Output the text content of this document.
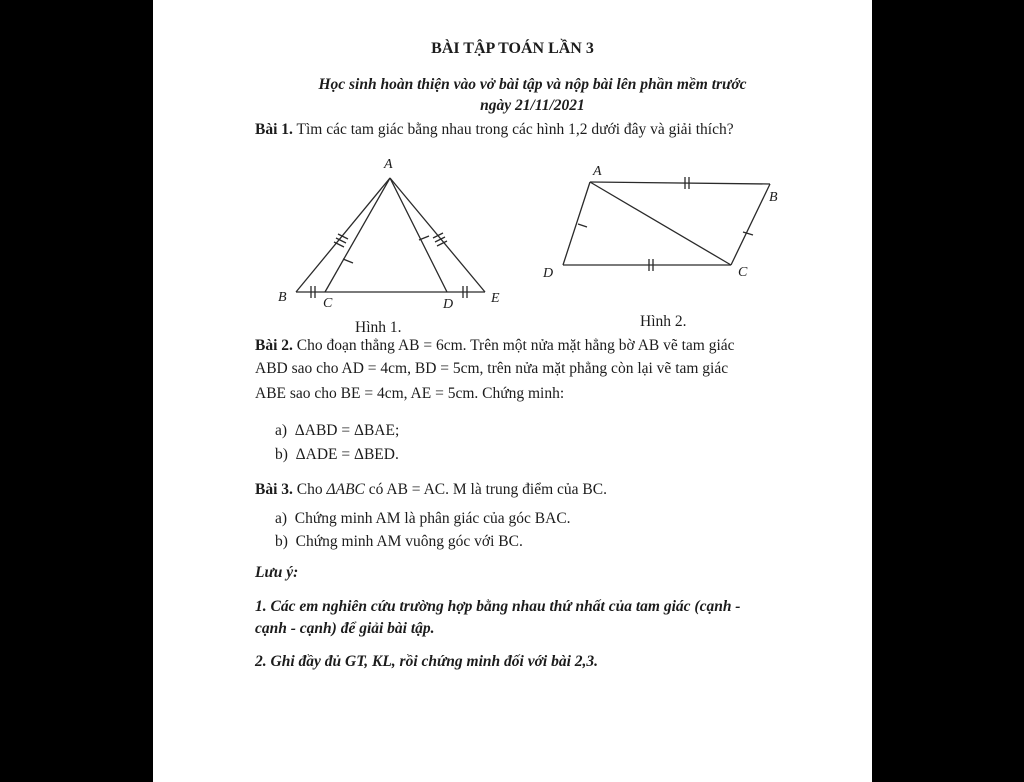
BÀI TẬP TOÁN LẦN 3
Học sinh hoàn thiện vào vở bài tập và nộp bài lên phần mềm trước
ngày 21/11/2021
Bài 1. Tìm các tam giác bằng nhau trong các hình 1,2 dưới đây và giải thích?
A
B	C	D	E
A
B
C
D
Hình 1.	Hình 2.
Bài 2. Cho đoạn thẳng AB = 6cm. Trên một nửa mặt hẳng bờ AB vẽ tam giác
ABD sao cho AD = 4cm, BD = 5cm, trên nửa mặt phẳng còn lại vẽ tam giác
ABE sao cho BE = 4cm, AE = 5cm. Chứng minh:
a) ΔABD = ΔBAE;
b) ΔADE = ΔBED.
Bài 3. Cho ΔABC có AB = AC. M là trung điểm của BC.
a) Chứng minh AM là phân giác của góc BAC.
b) Chứng minh AM vuông góc với BC.
Lưu ý:
1. Các em nghiên cứu trường hợp bằng nhau thứ nhất của tam giác (cạnh -
cạnh - cạnh) để giải bài tập.
2. Ghi đầy đủ GT, KL, rồi chứng minh đối với bài 2,3.
